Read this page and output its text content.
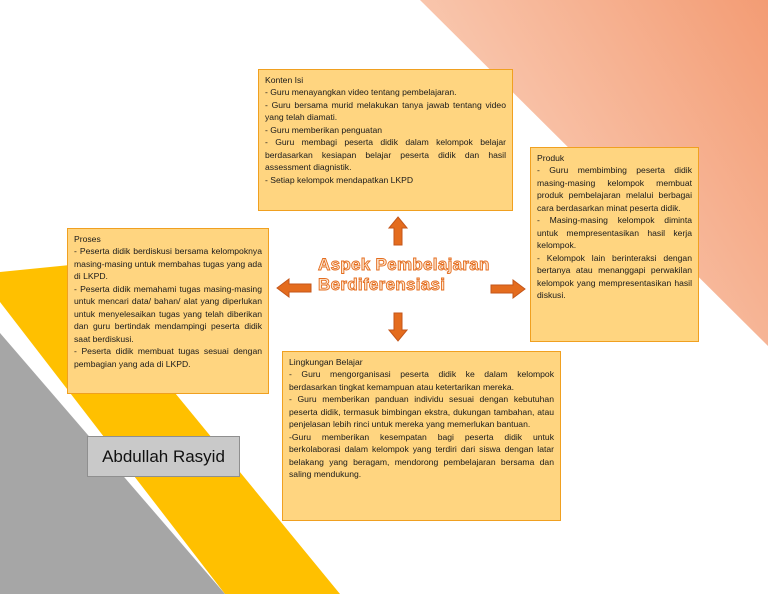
Konten Isi
- Guru menayangkan video tentang pembelajaran.
- Guru bersama murid melakukan tanya jawab tentang video yang telah diamati.
- Guru memberikan penguatan
- Guru membagi peserta didik dalam kelompok belajar berdasarkan kesiapan belajar peserta didik dan hasil assessment diagnistik.
- Setiap kelompok mendapatkan LKPD
Produk
- Guru membimbing peserta didik masing-masing kelompok membuat produk pembelajaran melalui berbagai cara berdasarkan minat peserta didik.
- Masing-masing kelompok diminta untuk mempresentasikan hasil kerja kelompok.
- Kelompok lain berinteraksi dengan bertanya atau menanggapi perwakilan kelompok yang mempresentasikan hasil diskusi.
Proses
- Peserta didik berdiskusi bersama kelompoknya masing-masing untuk membahas tugas yang ada di LKPD.
- Peserta didik memahami tugas masing-masing untuk mencari data/ bahan/ alat yang diperlukan untuk menyelesaikan tugas yang telah diberikan dan guru bertindak mendampingi peserta didik saat berdiskusi.
- Peserta didik membuat tugas sesuai dengan pembagian yang ada di LKPD.	Lingkungan Belajar
- Guru mengorganisasi peserta didik ke dalam kelompok berdasarkan tingkat kemampuan atau ketertarikan mereka.
- Guru memberikan panduan individu sesuai dengan kebutuhan peserta didik, termasuk bimbingan ekstra, dukungan tambahan, atau penjelasan lebih rinci untuk mereka yang memerlukan bantuan.
-Guru memberikan kesempatan bagi peserta didik untuk berkolaborasi dalam kelompok yang terdiri dari siswa dengan latar belakang yang beragam, mendorong pembelajaran bersama dan saling mendukung.
Aspek Pembelajaran
Berdiferensiasi
Abdullah Rasyid
